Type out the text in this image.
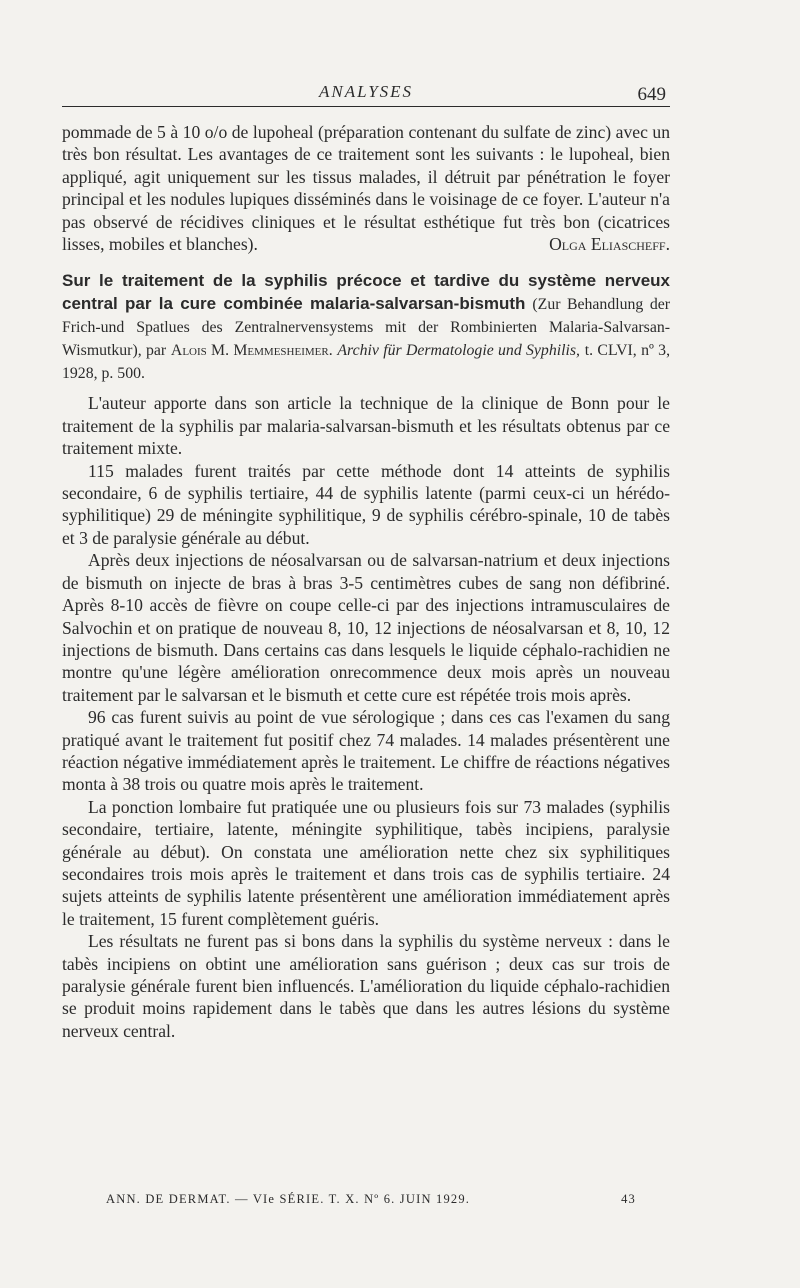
ANALYSES	649

pommade de 5 à 10 o/o de lupoheal (préparation contenant du sulfate de zinc) avec un très bon résultat. Les avantages de ce traitement sont les suivants : le lupoheal, bien appliqué, agit uniquement sur les tissus malades, il détruit par pénétration le foyer principal et les nodules lupiques disséminés dans le voisinage de ce foyer. L'auteur n'a pas observé de récidives cliniques et le résultat esthétique fut très bon (cicatrices lisses, mobiles et blanches).	Olga Eliascheff.

Sur le traitement de la syphilis précoce et tardive du système nerveux central par la cure combinée malaria-salvarsan-bismuth (Zur Behandlung der Frich-und Spatlues des Zentralnervensystems mit der Rombinierten Malaria-Salvarsan-Wismutkur), par Alois M. Memmesheimer. Archiv für Dermatologie und Syphilis, t. CLVI, nº 3, 1928, p. 500.

L'auteur apporte dans son article la technique de la clinique de Bonn pour le traitement de la syphilis par malaria-salvarsan-bismuth et les résultats obtenus par ce traitement mixte.

115 malades furent traités par cette méthode dont 14 atteints de syphilis secondaire, 6 de syphilis tertiaire, 44 de syphilis latente (parmi ceux-ci un hérédo-syphilitique) 29 de méningite syphilitique, 9 de syphilis cérébro-spinale, 10 de tabès et 3 de paralysie générale au début.

Après deux injections de néosalvarsan ou de salvarsan-natrium et deux injections de bismuth on injecte de bras à bras 3-5 centimètres cubes de sang non défibriné. Après 8-10 accès de fièvre on coupe celle-ci par des injections intramusculaires de Salvochin et on pratique de nouveau 8, 10, 12 injections de néosalvarsan et 8, 10, 12 injections de bismuth. Dans certains cas dans lesquels le liquide céphalo-rachidien ne montre qu'une légère amélioration onrecommence deux mois après un nouveau traitement par le salvarsan et le bismuth et cette cure est répétée trois mois après.

96 cas furent suivis au point de vue sérologique ; dans ces cas l'examen du sang pratiqué avant le traitement fut positif chez 74 malades. 14 malades présentèrent une réaction négative immédiatement après le traitement. Le chiffre de réactions négatives monta à 38 trois ou quatre mois après le traitement.

La ponction lombaire fut pratiquée une ou plusieurs fois sur 73 malades (syphilis secondaire, tertiaire, latente, méningite syphilitique, tabès incipiens, paralysie générale au début). On constata une amélioration nette chez six syphilitiques secondaires trois mois après le traitement et dans trois cas de syphilis tertiaire. 24 sujets atteints de syphilis latente présentèrent une amélioration immédiatement après le traitement, 15 furent complètement guéris.

Les résultats ne furent pas si bons dans la syphilis du système nerveux : dans le tabès incipiens on obtint une amélioration sans guérison ; deux cas sur trois de paralysie générale furent bien influencés. L'amélioration du liquide céphalo-rachidien se produit moins rapidement dans le tabès que dans les autres lésions du système nerveux central.

ANN. DE DERMAT. — VIe SÉRIE. T. X. Nº 6. JUIN 1929.	43
